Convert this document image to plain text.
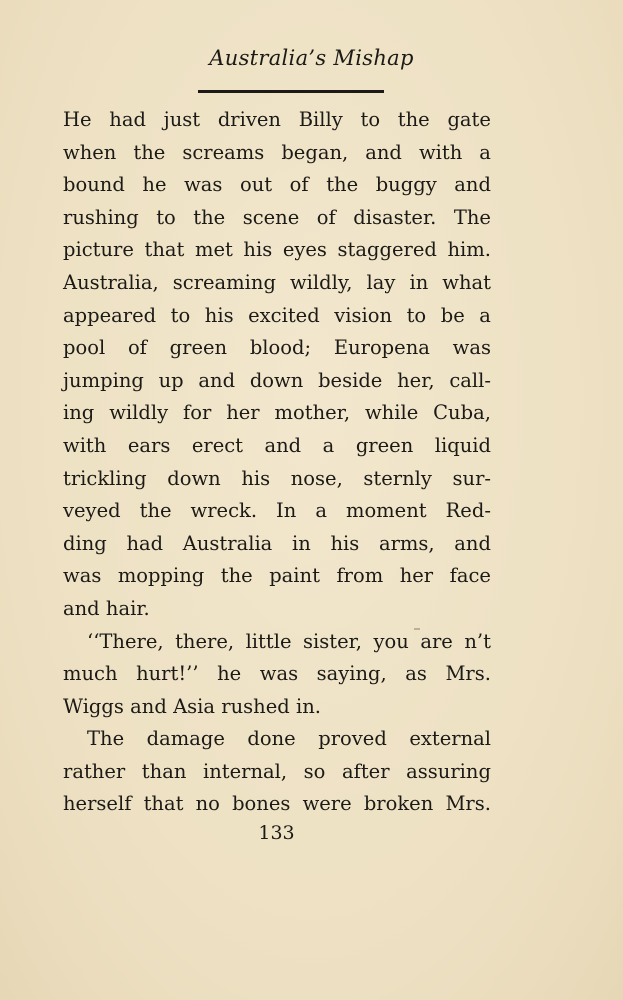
Australia’s Mishap
He had just driven Billy to the gate
when the screams began, and with a
bound he was out of the buggy and
rushing to the scene of disaster. The
picture that met his eyes staggered him.
Australia, screaming wildly, lay in what
appeared to his excited vision to be a
pool of green blood; Europena was
jumping up and down beside her, call-
ing wildly for her mother, while Cuba,
with ears erect and a green liquid
trickling down his nose, sternly sur-
veyed the wreck. In a moment Red-
ding had Australia in his arms, and
was mopping the paint from her face
and hair.
‘‘There, there, little sister, you are n’t
much hurt!’’ he was saying, as Mrs.
Wiggs and Asia rushed in.
The damage done proved external
rather than internal, so after assuring
herself that no bones were broken Mrs.
133
